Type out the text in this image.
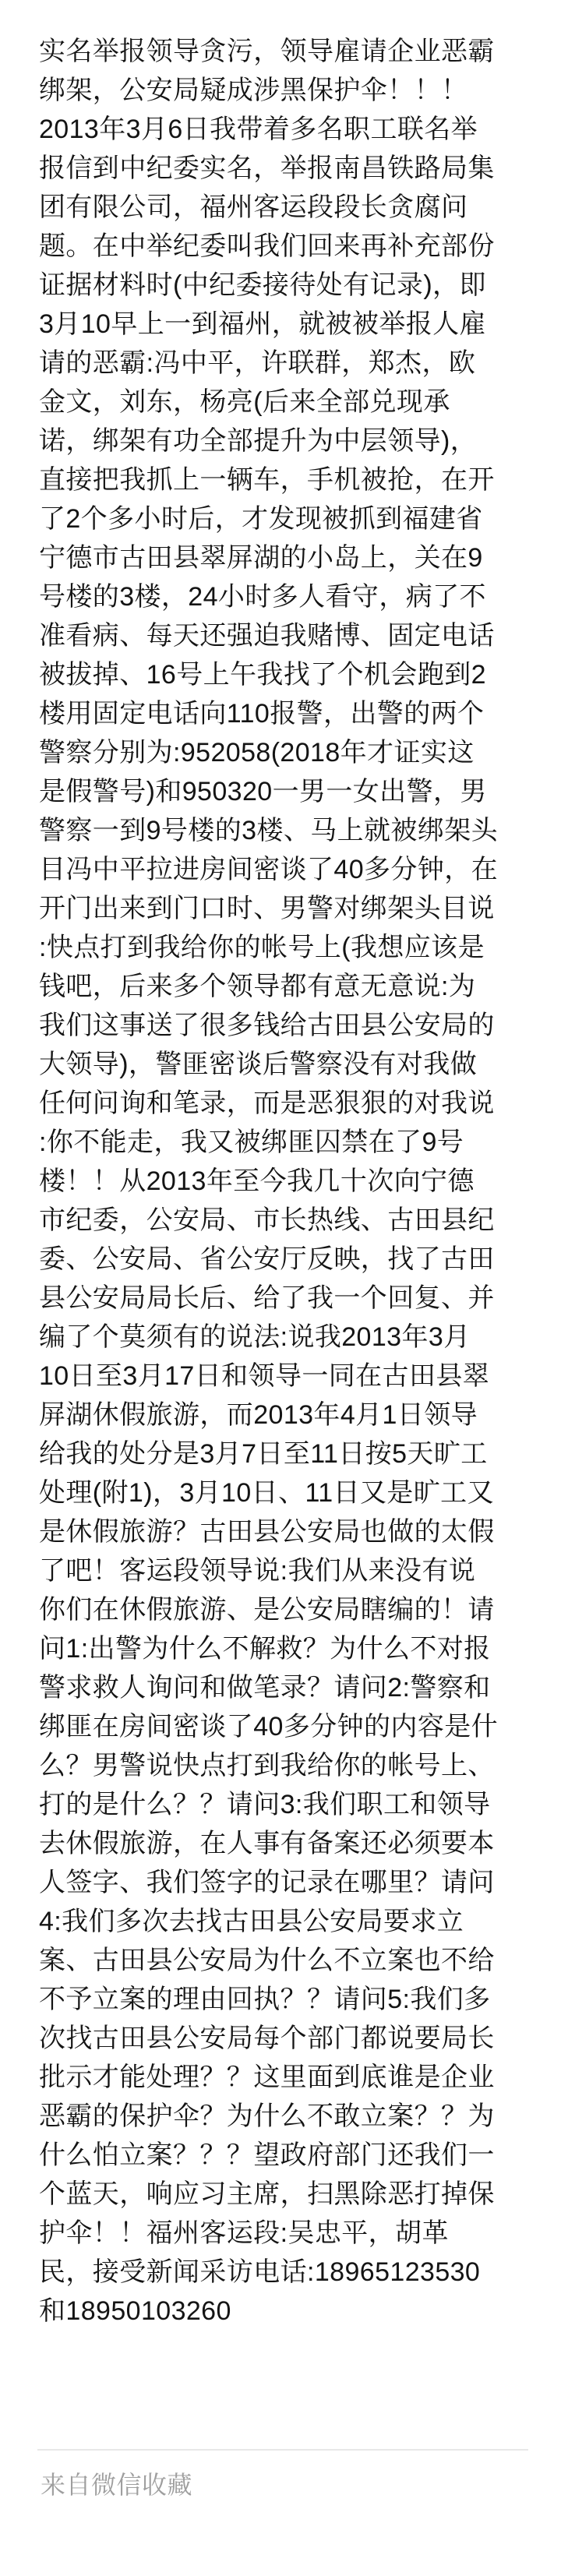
实名举报领导贪污，领导雇请企业恶霸
绑架，公安局疑成涉黑保护伞！！！
2013年3月6日我带着多名职工联名举
报信到中纪委实名，举报南昌铁路局集
团有限公司，福州客运段段长贪腐问
题。在中举纪委叫我们回来再补充部份
证据材料时(中纪委接待处有记录)，即
3月10早上一到福州，就被被举报人雇
请的恶霸:冯中平，许联群，郑杰，欧
金文，刘东，杨亮(后来全部兑现承
诺，绑架有功全部提升为中层领导)，
直接把我抓上一辆车，手机被抢，在开
了2个多小时后，才发现被抓到福建省
宁德市古田县翠屏湖的小岛上，关在9
号楼的3楼，24小时多人看守，病了不
准看病、每天还强迫我赌博、固定电话
被拔掉、16号上午我找了个机会跑到2
楼用固定电话向110报警，出警的两个
警察分别为:952058(2018年才证实这
是假警号)和950320一男一女出警，男
警察一到9号楼的3楼、马上就被绑架头
目冯中平拉进房间密谈了40多分钟，在
开门出来到门口时、男警对绑架头目说
:快点打到我给你的帐号上(我想应该是
钱吧，后来多个领导都有意无意说:为
我们这事送了很多钱给古田县公安局的
大领导)，警匪密谈后警察没有对我做
任何问询和笔录，而是恶狠狠的对我说
:你不能走，我又被绑匪囚禁在了9号
楼！！从2013年至今我几十次向宁德
市纪委，公安局、市长热线、古田县纪
委、公安局、省公安厅反映，找了古田
县公安局局长后、给了我一个回复、并
编了个莫须有的说法:说我2013年3月
10日至3月17日和领导一同在古田县翠
屏湖休假旅游，而2013年4月1日领导
给我的处分是3月7日至11日按5天旷工
处理(附1)，3月10日、11日又是旷工又
是休假旅游？古田县公安局也做的太假
了吧！客运段领导说:我们从来没有说
你们在休假旅游、是公安局瞎编的！请
问1:出警为什么不解救？为什么不对报
警求救人询问和做笔录？请问2:警察和
绑匪在房间密谈了40多分钟的内容是什
么？男警说快点打到我给你的帐号上、
打的是什么？？请问3:我们职工和领导
去休假旅游，在人事有备案还必须要本
人签字、我们签字的记录在哪里？请问
4:我们多次去找古田县公安局要求立
案、古田县公安局为什么不立案也不给
不予立案的理由回执？？请问5:我们多
次找古田县公安局每个部门都说要局长
批示才能处理？？这里面到底谁是企业
恶霸的保护伞？为什么不敢立案？？为
什么怕立案？？？望政府部门还我们一
个蓝天，响应习主席，扫黑除恶打掉保
护伞！！福州客运段:吴忠平，胡革
民，接受新闻采访电话:18965123530
和18950103260
来自微信收藏
